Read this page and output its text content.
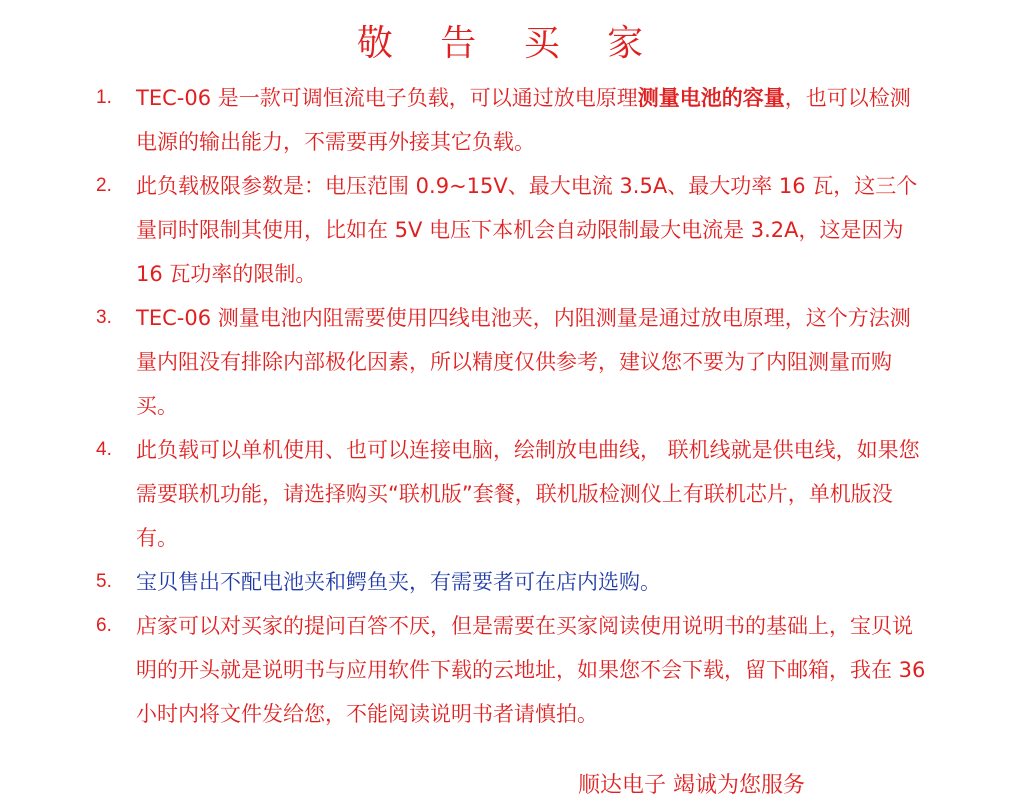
敬 告 买 家
1. TEC-06 是一款可调恒流电子负载，可以通过放电原理测量电池的容量，也可以检测电源的输出能力，不需要再外接其它负载。
2. 此负载极限参数是：电压范围 0.9~15V、最大电流 3.5A、最大功率 16 瓦，这三个量同时限制其使用，比如在 5V 电压下本机会自动限制最大电流是 3.2A，这是因为 16 瓦功率的限制。
3. TEC-06 测量电池内阻需要使用四线电池夹，内阻测量是通过放电原理，这个方法测量内阻没有排除内部极化因素，所以精度仅供参考，建议您不要为了内阻测量而购买。
4. 此负载可以单机使用、也可以连接电脑，绘制放电曲线， 联机线就是供电线，如果您需要联机功能，请选择购买“联机版”套餐，联机版检测仪上有联机芯片，单机版没有。
5. 宝贝售出不配电池夹和鳄鱼夹，有需要者可在店内选购。
6. 店家可以对买家的提问百答不厌，但是需要在买家阅读使用说明书的基础上，宝贝说明的开头就是说明书与应用软件下载的云地址，如果您不会下载，留下邮箱，我在 36 小时内将文件发给您，不能阅读说明书者请慎拍。
顺达电子 竭诚为您服务
